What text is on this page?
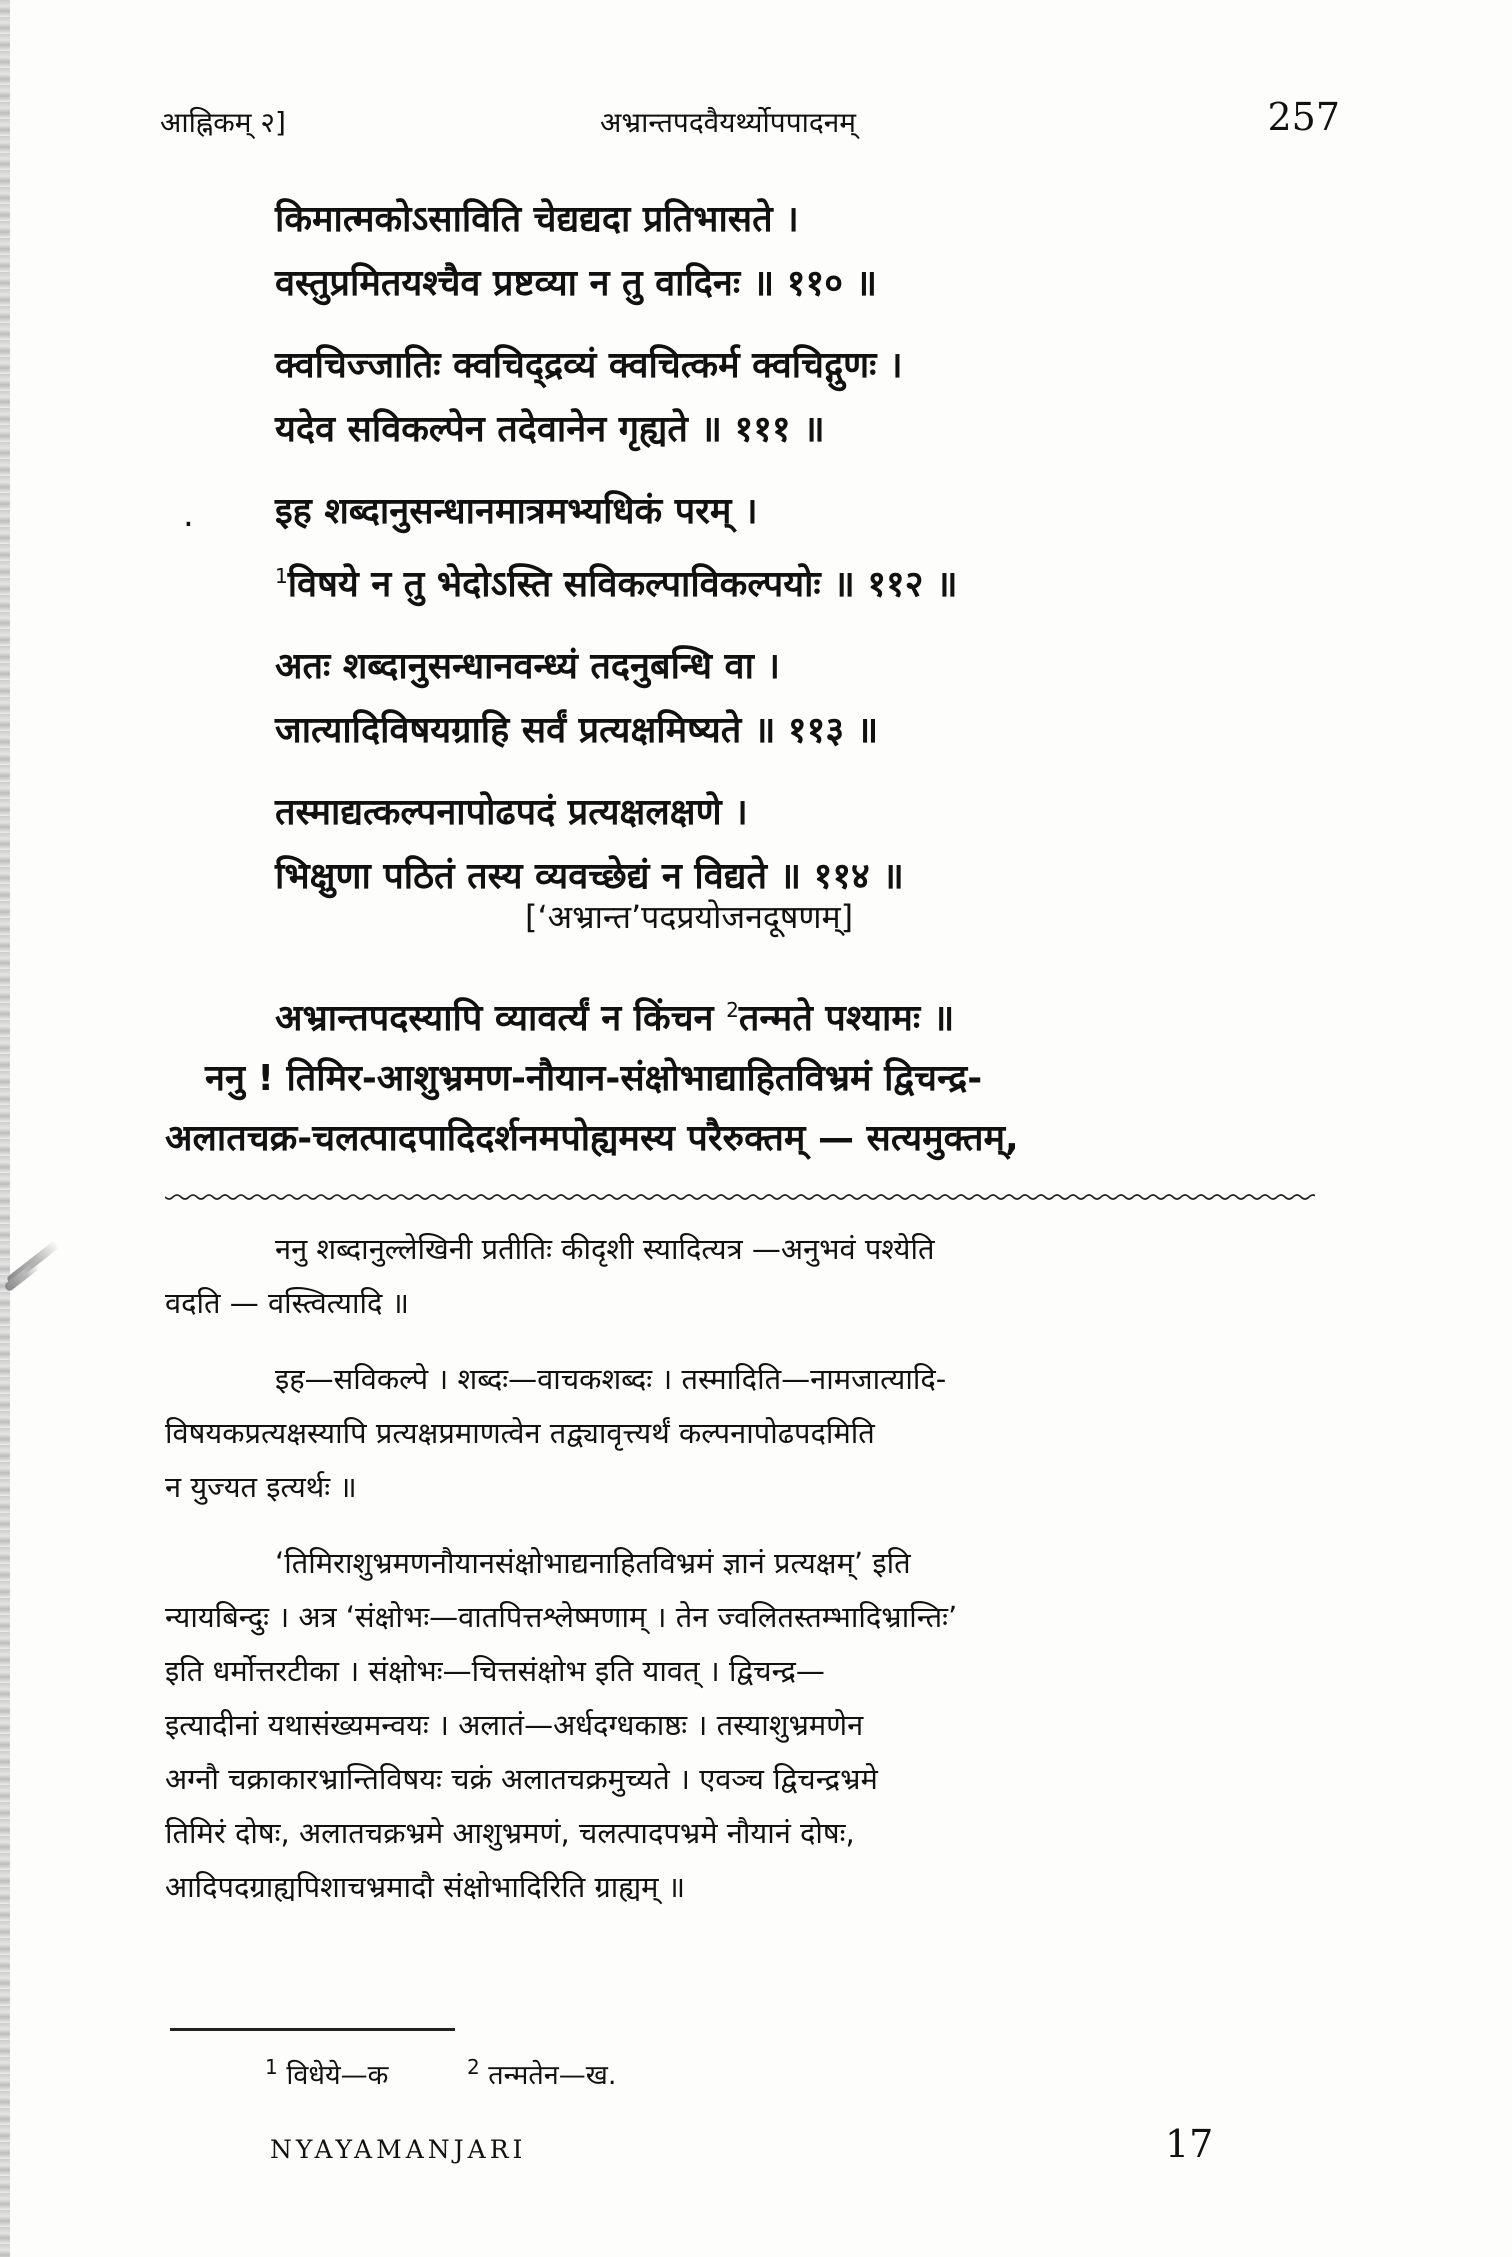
आह्निकम् २]	अभ्रान्तपदवैयर्थ्योपपादनम्	257
किमात्मकोऽसाविति चेद्यद्यदा प्रतिभासते ।
वस्तुप्रमितयश्चैव प्रष्टव्या न तु वादिनः ॥ ११० ॥
क्वचिज्जातिः क्वचिद्द्रव्यं क्वचित्कर्म क्वचिद्गुणः ।
यदेव सविकल्पेन तदेवानेन गृह्यते ॥ १११ ॥
इह शब्दानुसन्धानमात्रमभ्यधिकं परम् ।
$^1$विषये न तु भेदोऽस्ति सविकल्पाविकल्पयोः ॥ ११२ ॥
अतः शब्दानुसन्धानवन्ध्यं तदनुबन्धि वा ।
जात्यादिविषयग्राहि सर्वं प्रत्यक्षमिष्यते ॥ ११३ ॥
तस्माद्यत्कल्पनापोढपदं प्रत्यक्षलक्षणे ।
भिक्षुणा पठितं तस्य व्यवच्छेद्यं न विद्यते ॥ ११४ ॥
.
[‘अभ्रान्त’पदप्रयोजनदूषणम्]
अभ्रान्तपदस्यापि व्यावर्त्यं न किंचन $^2$तन्मते पश्यामः ॥
ननु ! तिमिर-आशुभ्रमण-नौयान-संक्षोभाद्याहितविभ्रमं द्विचन्द्र-
अलातचक्र-चलत्पादपादिदर्शनमपोह्यमस्य परैरुक्तम् — सत्यमुक्तम्,
ननु शब्दानुल्लेखिनी प्रतीतिः कीदृशी स्यादित्यत्र —अनुभवं पश्येति
वदति — वस्त्वित्यादि ॥
इह—सविकल्पे । शब्दः—वाचकशब्दः । तस्मादिति—नामजात्यादि-
विषयकप्रत्यक्षस्यापि प्रत्यक्षप्रमाणत्वेन तद्व्यावृत्त्यर्थं कल्पनापोढपदमिति
न युज्यत इत्यर्थः ॥
‘तिमिराशुभ्रमणनौयानसंक्षोभाद्यनाहितविभ्रमं ज्ञानं प्रत्यक्षम्’ इति
न्यायबिन्दुः । अत्र ‘संक्षोभः—वातपित्तश्लेष्मणाम् । तेन ज्वलितस्तम्भादिभ्रान्तिः’
इति धर्मोत्तरटीका । संक्षोभः—चित्तसंक्षोभ इति यावत् । द्विचन्द्र—
इत्यादीनां यथासंख्यमन्वयः । अलातं—अर्धदग्धकाष्ठः । तस्याशुभ्रमणेन
अग्नौ चक्राकारभ्रान्तिविषयः चक्रं अलातचक्रमुच्यते । एवञ्च द्विचन्द्रभ्रमे
तिमिरं दोषः, अलातचक्रभ्रमे आशुभ्रमणं, चलत्पादपभ्रमे नौयानं दोषः,
आदिपदग्राह्यपिशाचभ्रमादौ संक्षोभादिरिति ग्राह्यम् ॥
$^1$ विधेये—क	$^2$ तन्मतेन—ख.
NYAYAMANJARI	17
